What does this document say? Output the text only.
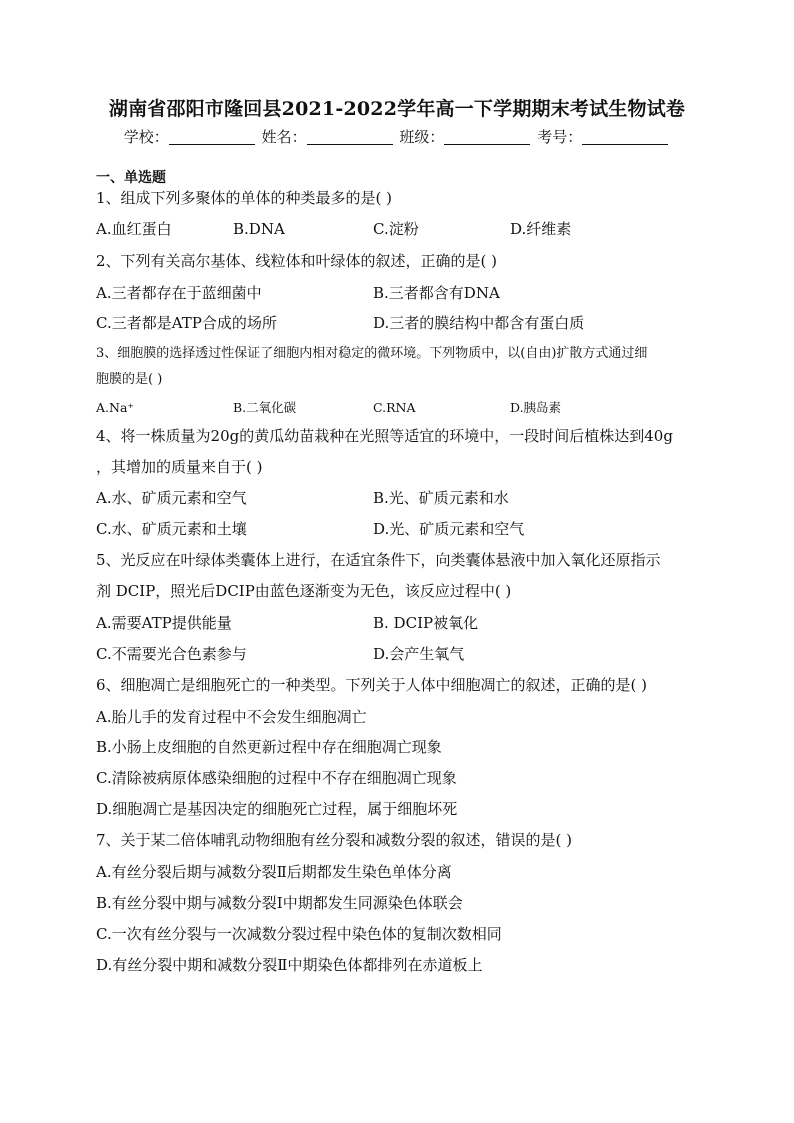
湖南省邵阳市隆回县2021-2022学年高一下学期期末考试生物试卷
学校：	姓名：	班级：	考号：
一、单选题
1、组成下列多聚体的单体的种类最多的是( )
A.血红蛋白	B.DNA	C.淀粉	D.纤维素
2、下列有关高尔基体、线粒体和叶绿体的叙述，正确的是( )
A.三者都存在于蓝细菌中	B.三者都含有DNA
C.三者都是ATP合成的场所	D.三者的膜结构中都含有蛋白质
3、细胞膜的选择透过性保证了细胞内相对稳定的微环境。下列物质中，以(自由)扩散方式通过细
胞膜的是( )
A.Na⁺	B.二氧化碳	C.RNA	D.胰岛素
4、将一株质量为20g的黄瓜幼苗栽种在光照等适宜的环境中，一段时间后植株达到40g
，其增加的质量来自于( )
A.水、矿质元素和空气	B.光、矿质元素和水
C.水、矿质元素和土壤	D.光、矿质元素和空气
5、光反应在叶绿体类囊体上进行，在适宜条件下，向类囊体悬液中加入氧化还原指示
剂 DCIP，照光后DCIP由蓝色逐渐变为无色，该反应过程中( )
A.需要ATP提供能量	B. DCIP被氧化
C.不需要光合色素参与	D.会产生氧气
6、细胞凋亡是细胞死亡的一种类型。下列关于人体中细胞凋亡的叙述，正确的是( )
A.胎儿手的发育过程中不会发生细胞凋亡
B.小肠上皮细胞的自然更新过程中存在细胞凋亡现象
C.清除被病原体感染细胞的过程中不存在细胞凋亡现象
D.细胞凋亡是基因决定的细胞死亡过程，属于细胞坏死
7、关于某二倍体哺乳动物细胞有丝分裂和减数分裂的叙述，错误的是( )
A.有丝分裂后期与减数分裂Ⅱ后期都发生染色单体分离
B.有丝分裂中期与减数分裂Ⅰ中期都发生同源染色体联会
C.一次有丝分裂与一次减数分裂过程中染色体的复制次数相同
D.有丝分裂中期和减数分裂Ⅱ中期染色体都排列在赤道板上
